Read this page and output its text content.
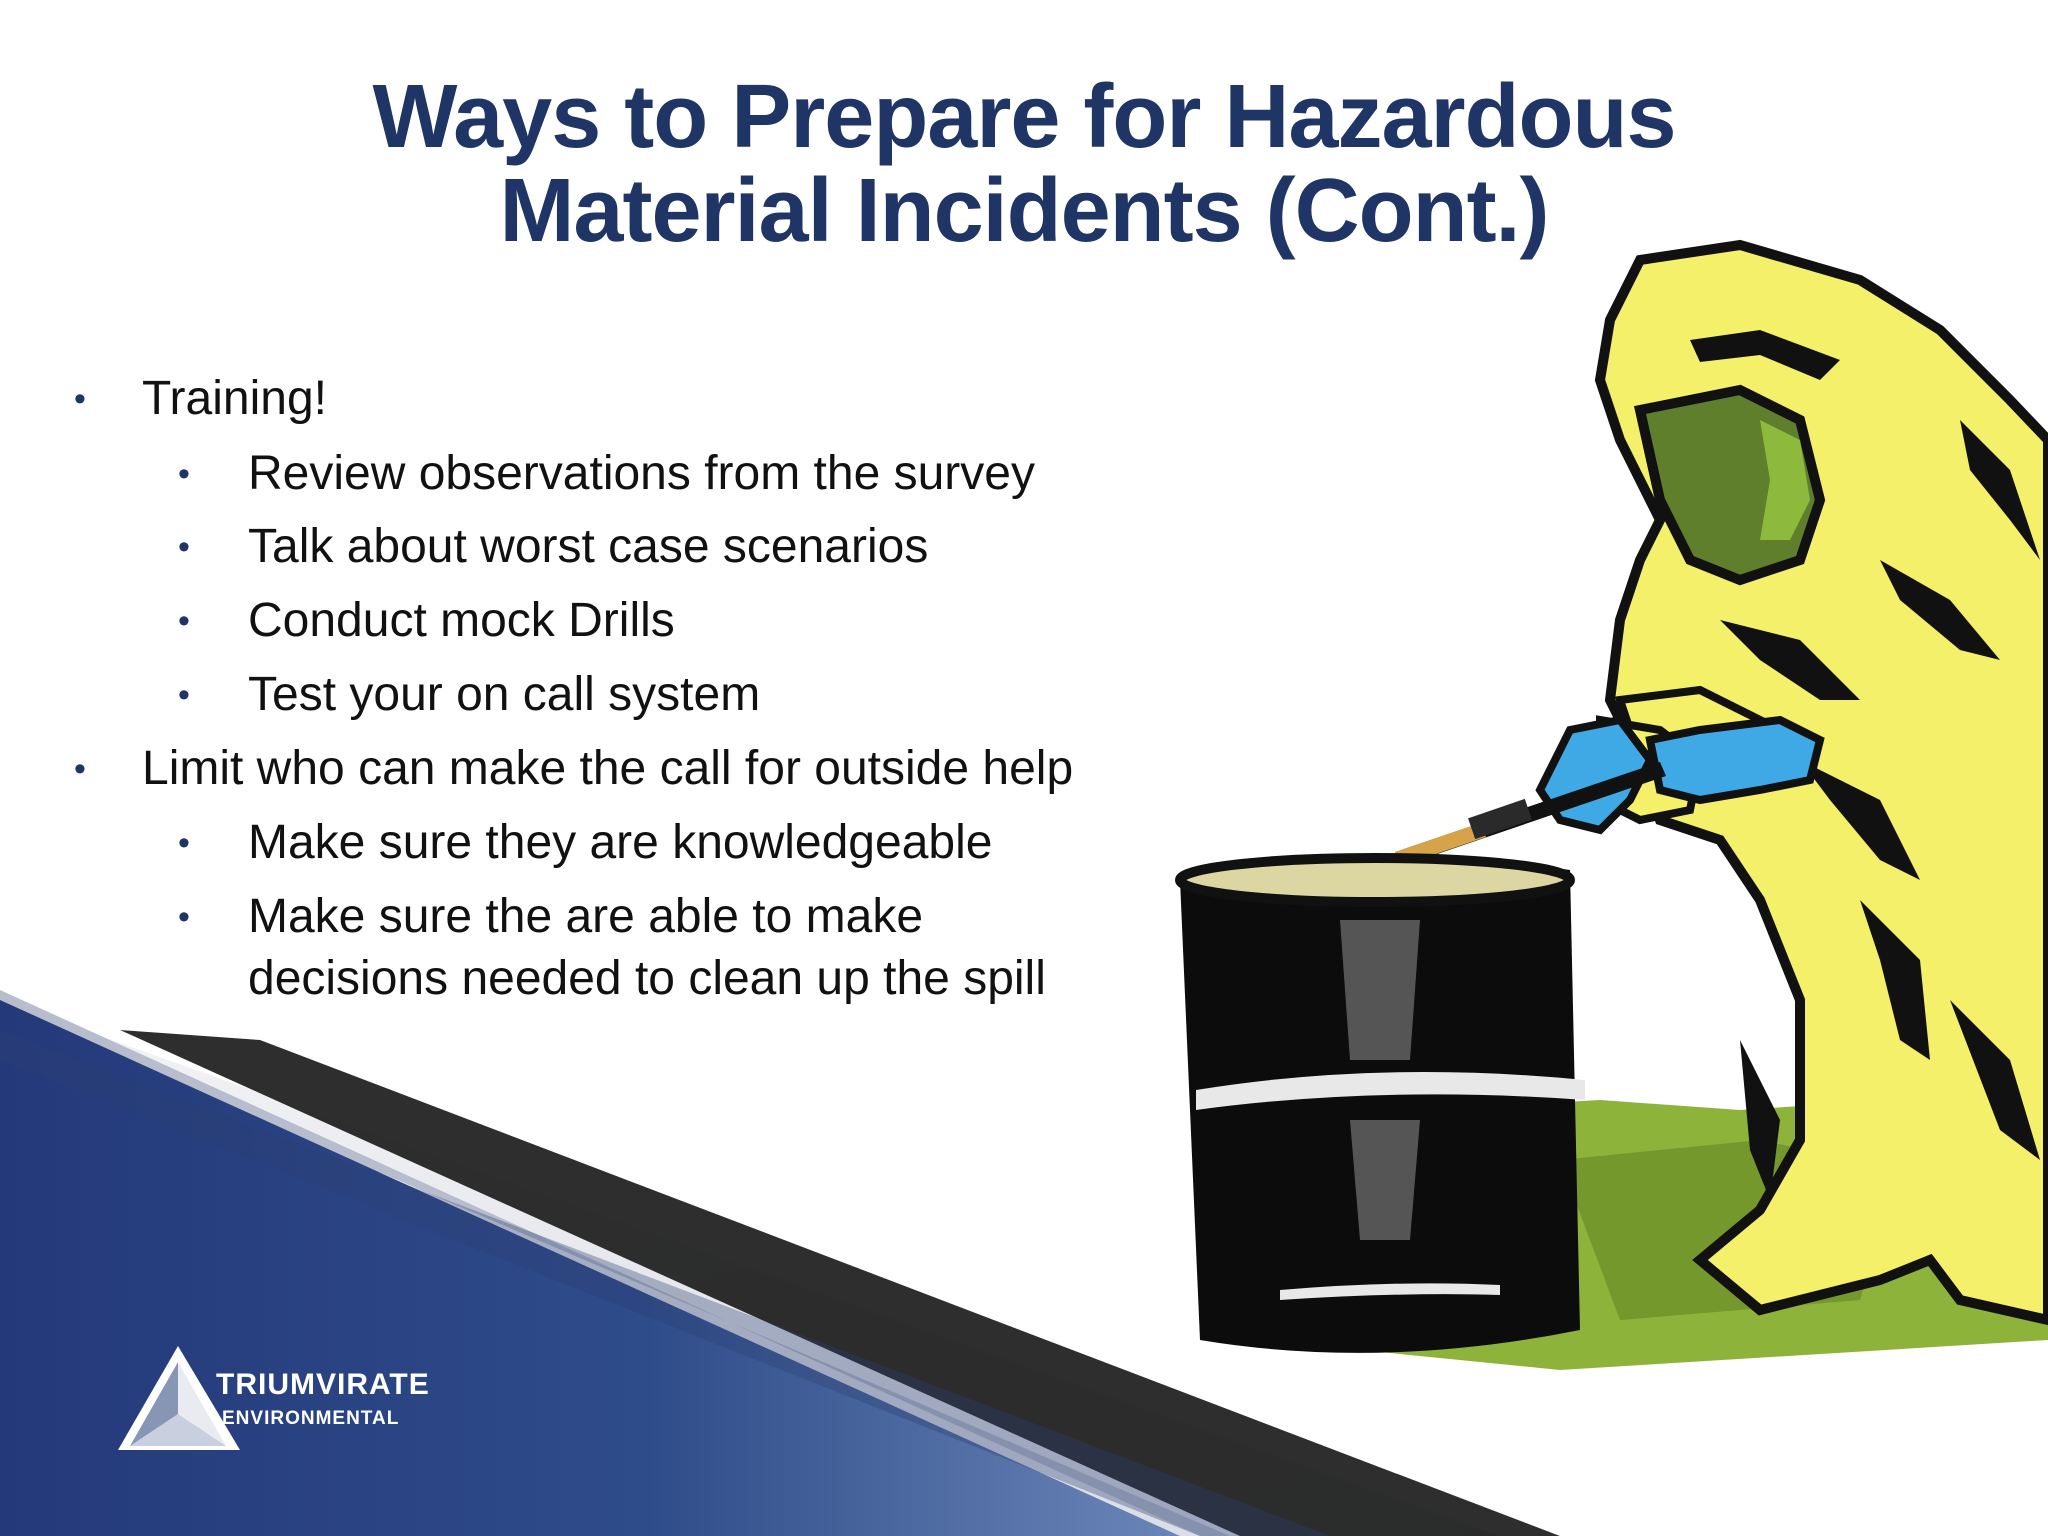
Ways to Prepare for Hazardous
Material Incidents (Cont.)
• Training!
• Review observations from the survey
• Talk about worst case scenarios
• Conduct mock Drills
• Test your on call system
• Limit who can make the call for outside help
• Make sure they are knowledgeable
• Make sure the are able to make decisions needed to clean up the spill
TRIUMVIRATE
ENVIRONMENTAL
